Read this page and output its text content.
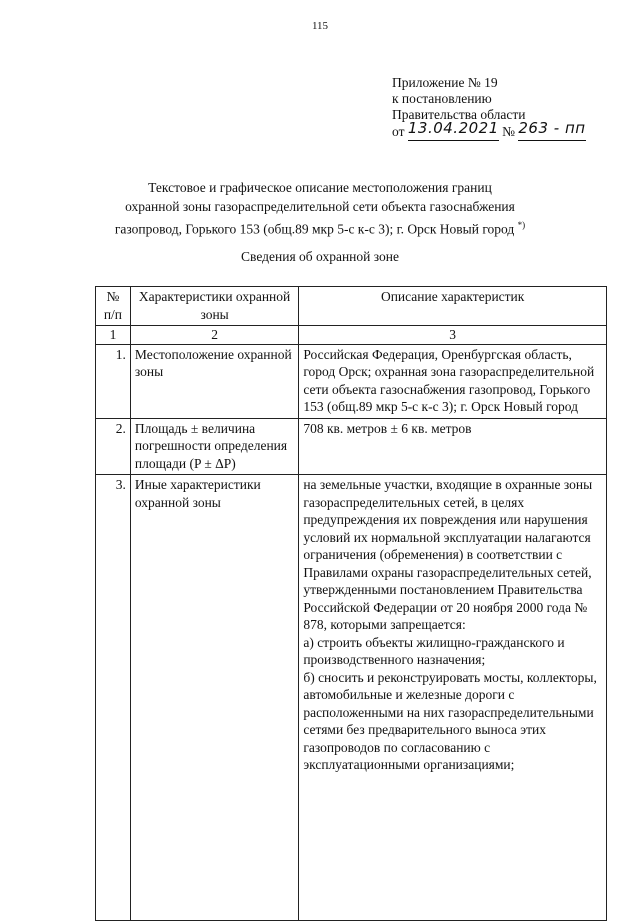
115
Приложение № 19
к постановлению
Правительства области
от 13.04.2021 № 263 - пп
Текстовое и графическое описание местоположения границ
охранной зоны газораспределительной сети объекта газоснабжения
газопровод, Горького 153 (общ.89 мкр 5-с к-с 3); г. Орск Новый город *)
Сведения об охранной зоне
№ п/п	Характеристики охранной зоны	Описание характеристик
1	2	3
1.	Местоположение охранной зоны	Российская Федерация, Оренбургская область, город Орск; охранная зона газораспределительной сети объекта газоснабжения газопровод, Горького 153 (общ.89 мкр 5-с к-с 3); г. Орск Новый город
2.	Площадь ± величина погрешности определения площади (P ± ΔP)	708 кв. метров ± 6 кв. метров
3.	Иные характеристики охранной зоны	на земельные участки, входящие в охранные зоны газораспределительных сетей, в целях предупреждения их повреждения или нарушения условий их нормальной эксплуатации налагаются ограничения (обременения) в соответствии с Правилами охраны газораспределительных сетей, утвержденными постановлением Правительства Российской Федерации от 20 ноября 2000 года № 878, которыми запрещается:
а) строить объекты жилищно-гражданского и производственного назначения;
б) сносить и реконструировать мосты, коллекторы, автомобильные и железные дороги с расположенными на них газораспределительными сетями без предварительного выноса этих газопроводов по согласованию с эксплуатационными организациями;
